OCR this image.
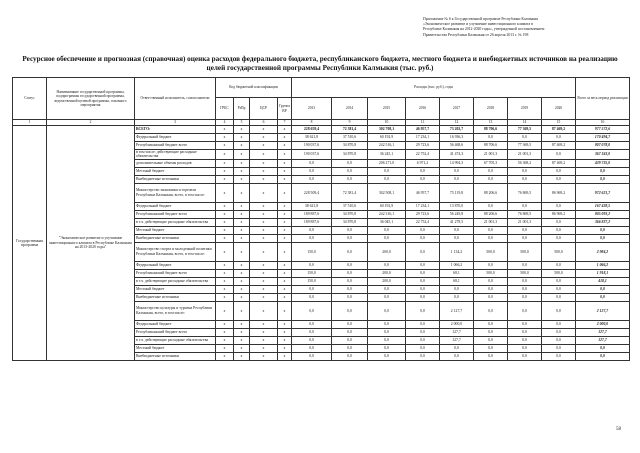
Приложение № 6 к Государственной программе Республики Калмыкия
«Экономическое развитие и улучшение инвестиционного климата в
Республике Калмыкия на 2012-2020 годы», утвержденной постановлением
Правительства Республики Калмыкия от 26 апреля 2013 г. № 198
Ресурсное обеспечение и прогнозная (справочная) оценка расходов федерального бюджета, республиканского бюджета, местного бюджета и внебюджетных источников на реализацию целей государственной программы Республики Калмыкия (тыс. руб.)
Статус	Наименование государственной программы, подпрограммы государственной программы, ведомственной целевой программы, основного мероприятия	Ответственный исполнитель, соисполнители	Код бюджетной классификации				Расходы (тыс. руб.), годы								Всего за весь период реализации
			ГРБС	РзПр	ЦСР	Группа ВР	2013	2014	2015	2016	2017	2018	2019	2020	
1	2	3	4	5	6	7	8	9	10	11	12	13	14	15	16
Государственная программа	"Экономическое развитие и улучшение инвестиционного климата в Республике Калмыкия на 2013-2020 годы"	ВСЕГО:	x	x	x	x	228 659,4	72 381,4	302 708,1	46 957,7	73 202,7	88 706,6	77 369,5	87 469,2	977 572,6
		Федеральный бюджет	x	x	x	x	38 621,8	37 510,6	60 192,9	17 234,1	16 936,3	0,0	0,0	0,0	170 494,7
		Республиканский бюджет всего	x	x	x	x	190 037,6	34 870,8	242 516,1	29 723,6	56 468,6	88 706,6	77 369,5	87 469,2	807 078,0
		в том числе: действующие расходные обязательства	x	x	x	x	190 037,6	34 870,8	36 245,1	22 752,4	41 474,3	21 001,3	21 001,3	0,0	367 343,0
		дополнительные объемы расходов	x	x	x	x	0,0	0,0	206 271,0	6 971,2	14 994,3	67 705,3	56 368,2	87 469,2	439 735,0
		Местный бюджет	x	x	x	x	0,0	0,0	0,0	0,0	0,0	0,0	0,0	0,0	0,0
		Внебюджетные источники	x	x	x	x	0,0	0,0	0,0	0,0	0,0	0,0	0,0	0,0	0,0
		Министерство экономики и торговли Республики Калмыкия, всего, в том числе:	x	x	x	x	228 509,4	72 381,4	302 508,1	46 957,7	75 119,8	88 206,6	76 869,5	86 969,2	972 621,7
		Федеральный бюджет	x	x	x	x	38 621,8	37 510,6	60 192,9	17 234,1	13 870,0	0,0	0,0	0,0	167 428,5
		Республиканский бюджет всего	x	x	x	x	189 887,6	34 870,8	242 316,1	29 723,6	56 249,8	88 206,6	76 869,5	86 969,2	805 093,2
		в т.ч. действующие расходные обязательства	x	x	x	x	189 887,6	34 870,8	36 045,1	22 752,4	41 278,5	21 001,3	21 001,3	0,0	366 837,2
		Местный бюджет	x	x	x	x	0,0	0,0	0,0	0,0	0,0	0,0	0,0	0,0	0,0
		Внебюджетные источники	x	x	x	x	0,0	0,0	0,0	0,0	0,0	0,0	0,0	0,0	0,0
		Министерство спорта и молодежной политики Республики Калмыкия, всего, в том числе:	x	x	x	x	150,0	0,0	200,0	0,0	1 134,2	500,0	500,0	500,0	2 984,2
		Федеральный бюджет	x	x	x	x	0,0	0,0	0,0	0,0	1 066,2	0,0	0,0	0,0	1 066,2
		Республиканский бюджет всего	x	x	x	x	150,0	0,0	200,0	0,0	68,1	500,0	500,0	500,0	1 918,1
		в т.ч. действующие расходные обязательства	x	x	x	x	150,0	0,0	200,0	0,0	68,1	0,0	0,0	0,0	418,1
		Местный бюджет	x	x	x	x	0,0	0,0	0,0	0,0	0,0	0,0	0,0	0,0	0,0
		Внебюджетные источники	x	x	x	x	0,0	0,0	0,0	0,0	0,0	0,0	0,0	0,0	0,0
		Министерство культуры и туризма Республики Калмыкия, всего, в том числе:	x	x	x	x	0,0	0,0	0,0	0,0	2 127,7	0,0	0,0	0,0	2 127,7
		Федеральный бюджет	x	x	x	x	0,0	0,0	0,0	0,0	2 000,0	0,0	0,0	0,0	2 000,0
		Республиканский бюджет всего	x	x	x	x	0,0	0,0	0,0	0,0	127,7	0,0	0,0	0,0	127,7
		в т.ч. действующие расходные обязательства	x	x	x	x	0,0	0,0	0,0	0,0	127,7	0,0	0,0	0,0	127,7
		Местный бюджет	x	x	x	x	0,0	0,0	0,0	0,0	0,0	0,0	0,0	0,0	0,0
		Внебюджетные источники	x	x	x	x	0,0	0,0	0,0	0,0	0,0	0,0	0,0	0,0	0,0
58
